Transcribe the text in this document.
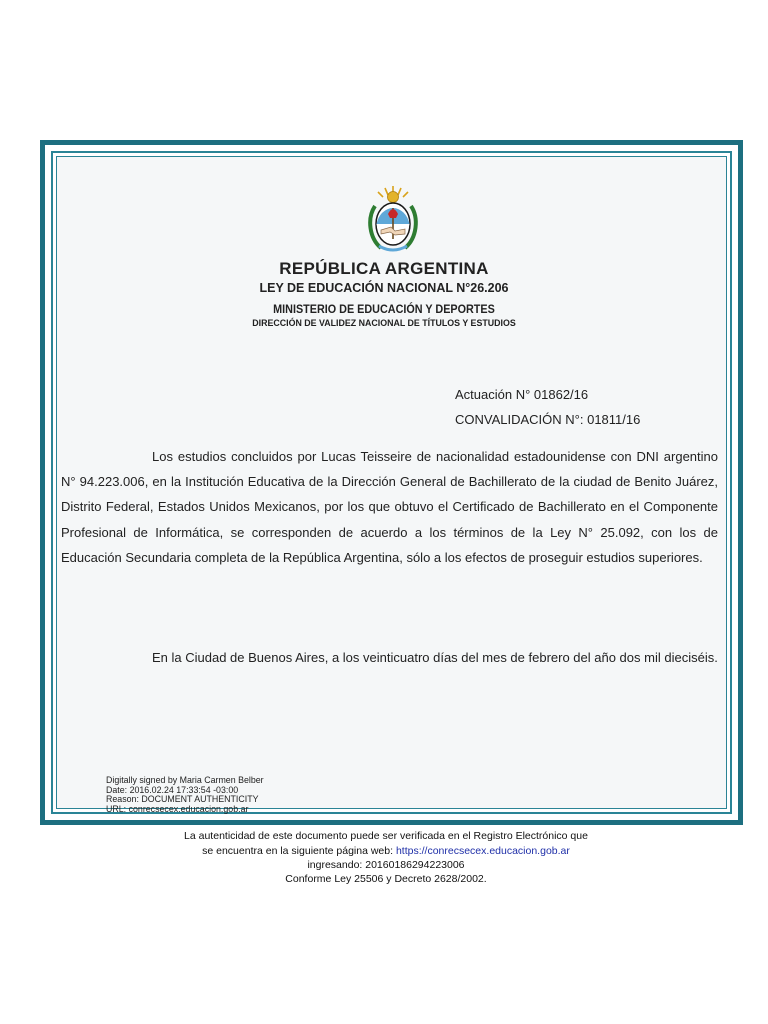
REPÚBLICA ARGENTINA
LEY DE EDUCACIÓN NACIONAL N°26.206
MINISTERIO DE EDUCACIÓN Y DEPORTES
DIRECCIÓN DE VALIDEZ NACIONAL DE TÍTULOS Y ESTUDIOS
Actuación N° 01862/16
CONVALIDACIÓN N°: 01811/16

Los estudios concluidos por Lucas Teisseire de nacionalidad estadounidense con DNI argentino N° 94.223.006, en la Institución Educativa de la Dirección General de Bachillerato de la ciudad de Benito Juárez, Distrito Federal, Estados Unidos Mexicanos, por los que obtuvo el Certificado de Bachillerato en el Componente Profesional de Informática, se corresponden de acuerdo a los términos de la Ley N° 25.092, con los de Educación Secundaria completa de la República Argentina, sólo a los efectos de proseguir estudios superiores.

En la Ciudad de Buenos Aires, a los veinticuatro días del mes de febrero del año dos mil dieciséis.

Digitally signed by Maria Carmen Belber
Date: 2016.02.24 17:33:54 -03:00
Reason: DOCUMENT AUTHENTICITY
URL: conrecsecex.educacion.gob.ar
La autenticidad de este documento puede ser verificada en el Registro Electrónico que
se encuentra en la siguiente página web: https://conrecsecex.educacion.gob.ar
ingresando: 20160186294223006
Conforme Ley 25506 y Decreto 2628/2002.
